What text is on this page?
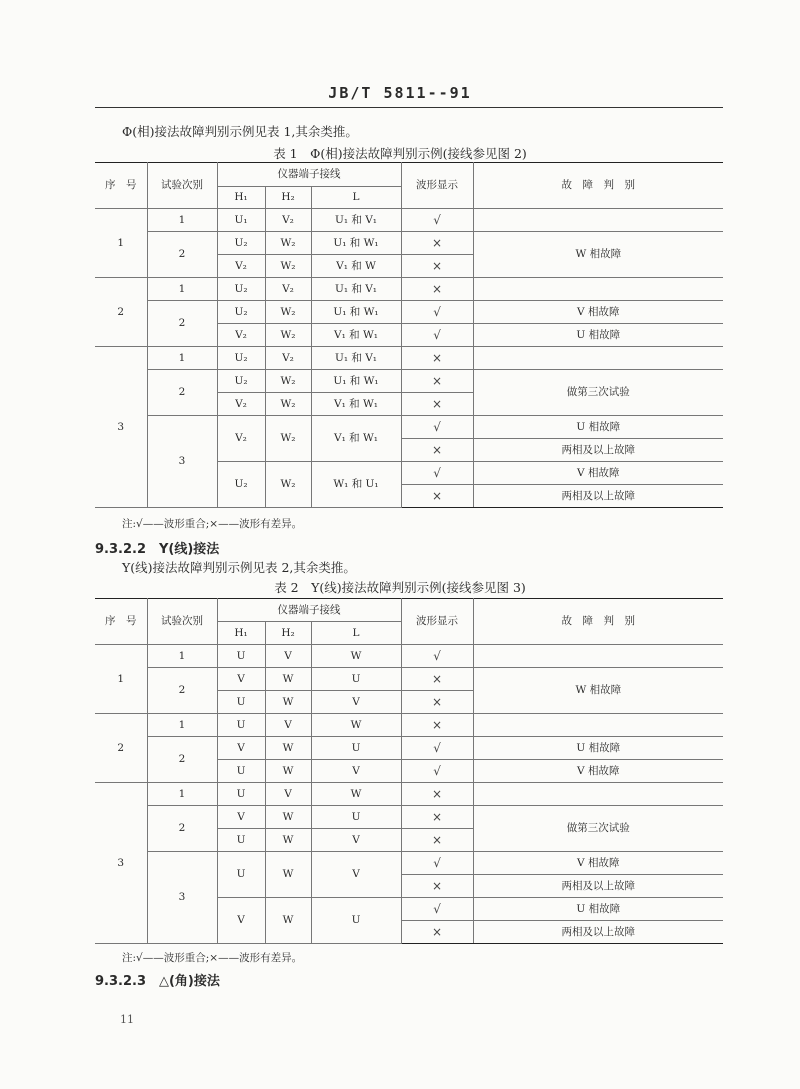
JB/T 5811--91
Φ(相)接法故障判别示例见表 1,其余类推。
表 1　Φ(相)接法故障判别示例(接线参见图 2)
序　号	试验次别	仪器端子接线			波形显示	故　障　判　别
		H₁	H₂	L		
1	1	U₁	V₂	U₁ 和 V₁	√	
	2	U₂	W₂	U₁ 和 W₁	×	W 相故障
		V₂	W₂	V₁ 和 W	×	
2	1	U₂	V₂	U₁ 和 V₁	×	
	2	U₂	W₂	U₁ 和 W₁	√	V 相故障
		V₂	W₂	V₁ 和 W₁	√	U 相故障
3	1	U₂	V₂	U₁ 和 V₁	×	
	2	U₂	W₂	U₁ 和 W₁	×	做第三次试验
		V₂	W₂	V₁ 和 W₁	×	
	3	V₂	W₂	V₁ 和 W₁	√	U 相故障
					×	两相及以上故障
		U₂	W₂	W₁ 和 U₁	√	V 相故障
					×	两相及以上故障
注:√——波形重合;×——波形有差异。
9.3.2.2　Y(线)接法
Y(线)接法故障判别示例见表 2,其余类推。
表 2　Y(线)接法故障判别示例(接线参见图 3)
序　号	试验次别	仪器端子接线			波形显示	故　障　判　别
		H₁	H₂	L		
1	1	U	V	W	√	
	2	V	W	U	×	W 相故障
		U	W	V	×	
2	1	U	V	W	×	
	2	V	W	U	√	U 相故障
		U	W	V	√	V 相故障
3	1	U	V	W	×	
	2	V	W	U	×	做第三次试验
		U	W	V	×	
	3	U	W	V	√	V 相故障
					×	两相及以上故障
		V	W	U	√	U 相故障
					×	两相及以上故障
注:√——波形重合;×——波形有差异。
9.3.2.3　△(角)接法
11
